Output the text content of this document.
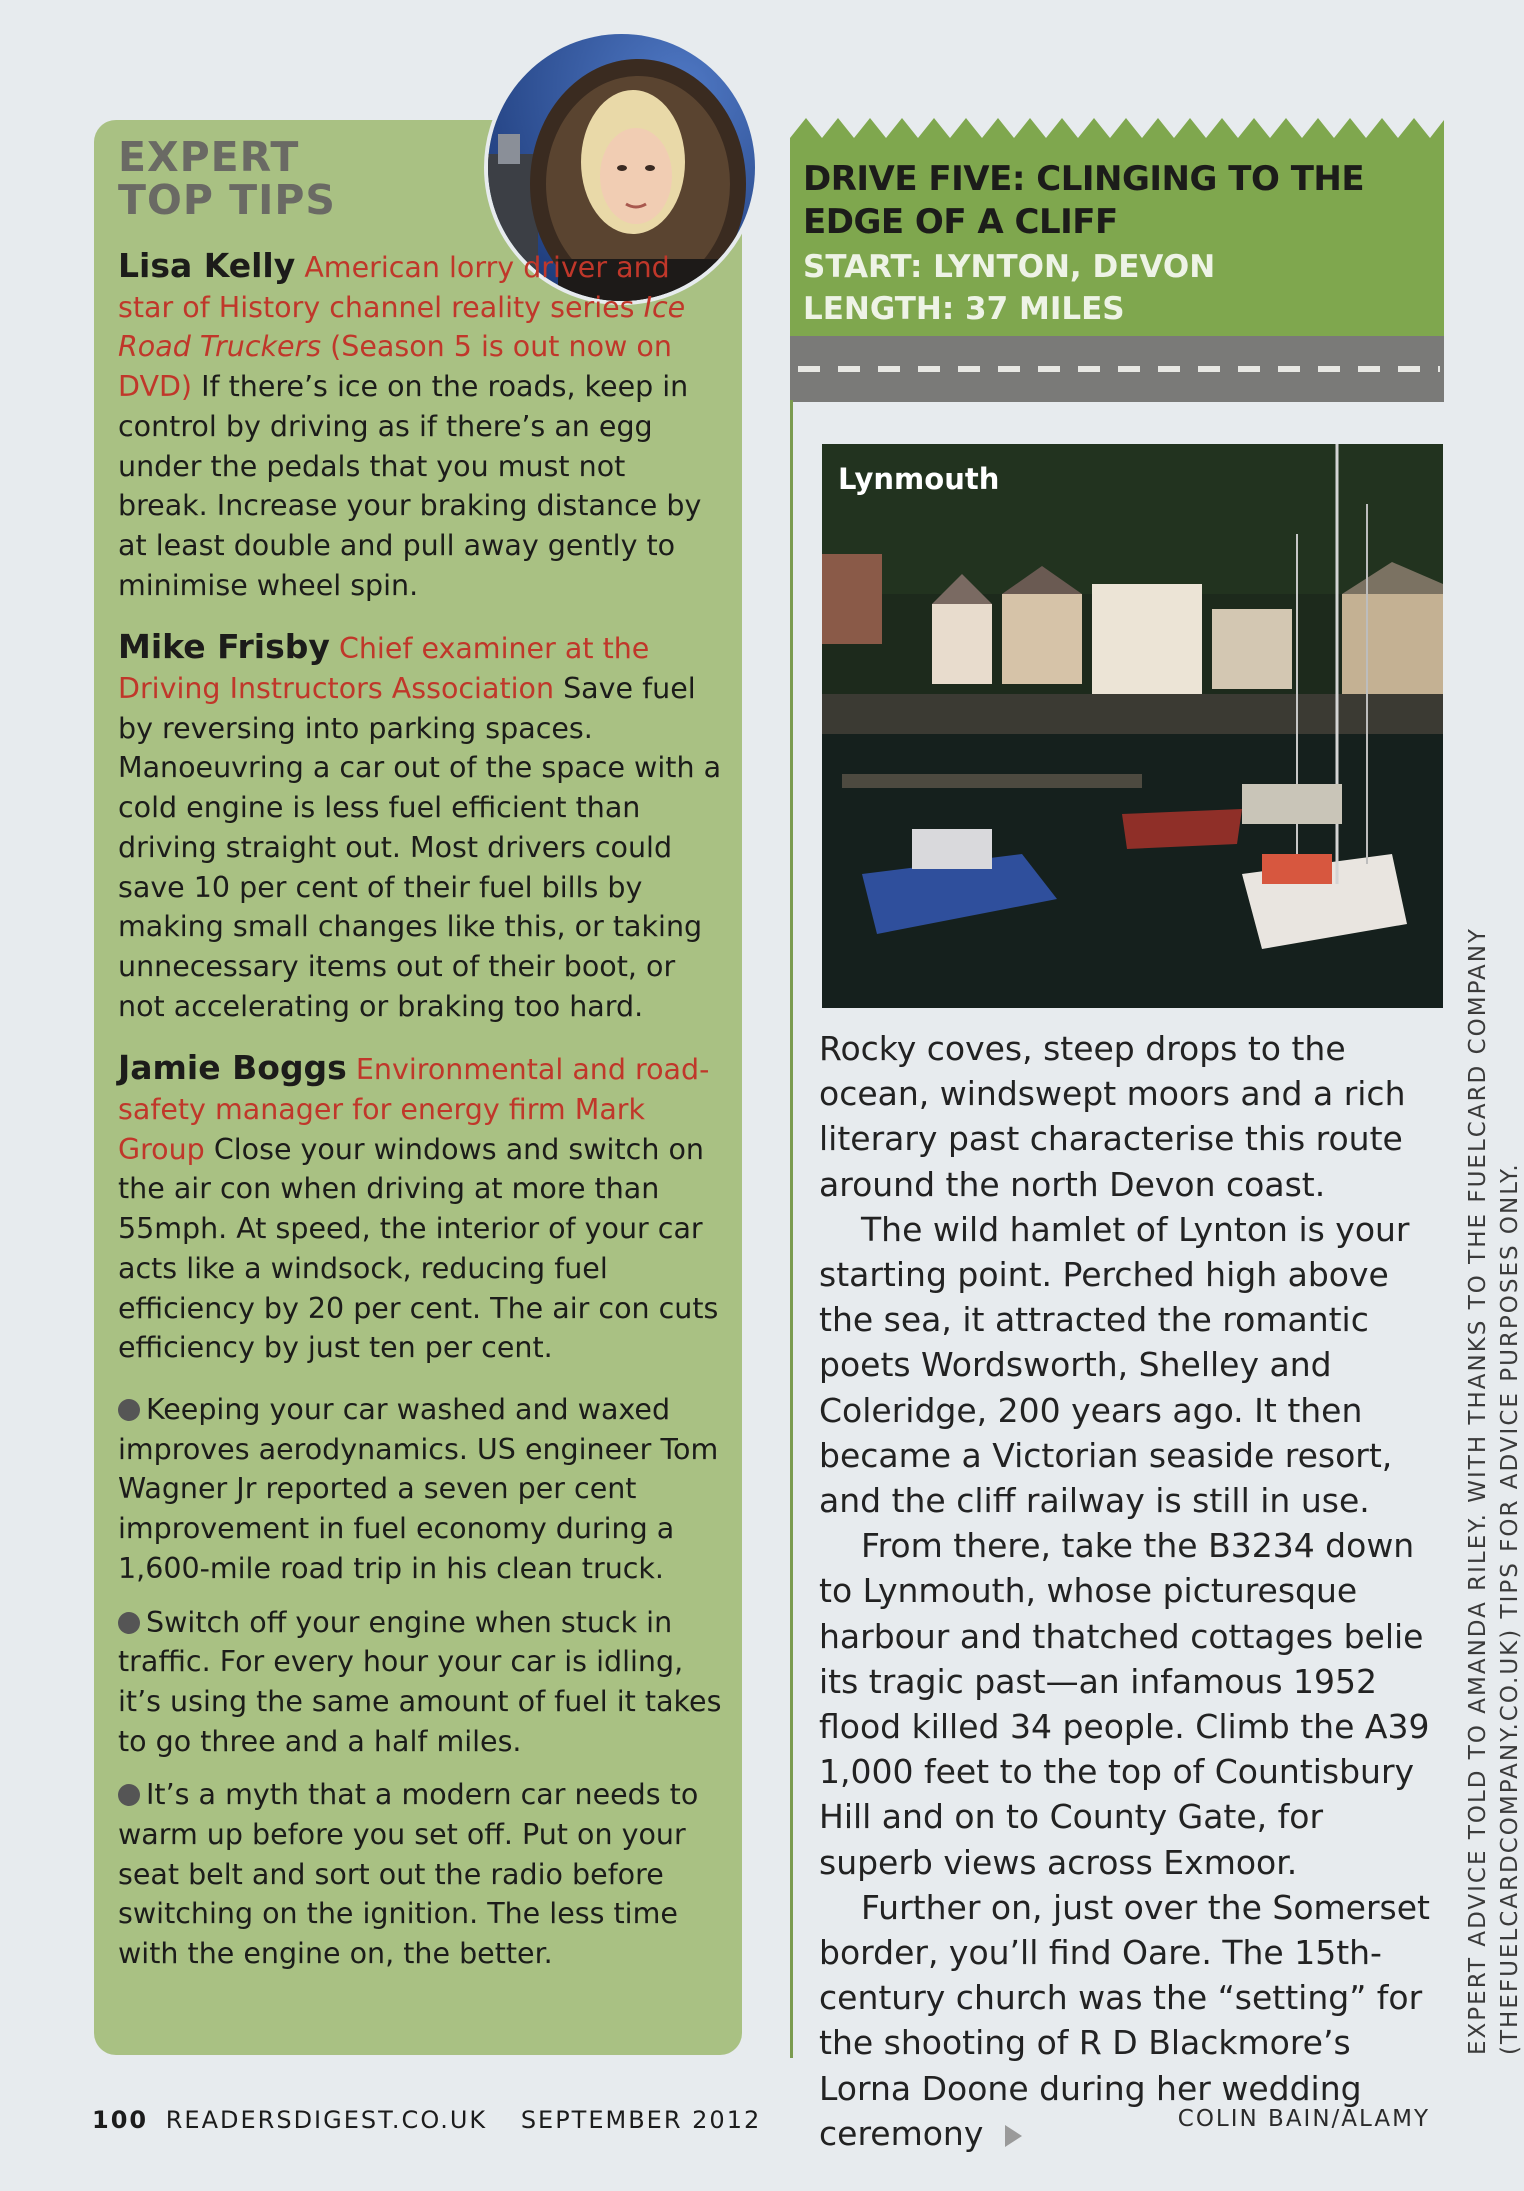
EXPERT
TOP TIPS
Lisa Kelly American lorry driver and star of History channel reality series Ice Road Truckers (Season 5 is out now on DVD) If there’s ice on the roads, keep in control by driving as if there’s an egg under the pedals that you must not break. Increase your braking distance by at least double and pull away gently to minimise wheel spin.
Mike Frisby Chief examiner at the Driving Instructors Association Save fuel by reversing into parking spaces. Manoeuvring a car out of the space with a cold engine is less fuel efficient than driving straight out. Most drivers could save 10 per cent of their fuel bills by making small changes like this, or taking unnecessary items out of their boot, or not accelerating or braking too hard.
Jamie Boggs Environmental and road-safety manager for energy firm Mark Group Close your windows and switch on the air con when driving at more than 55mph. At speed, the interior of your car acts like a windsock, reducing fuel efficiency by 20 per cent. The air con cuts efficiency by just ten per cent.
Keeping your car washed and waxed improves aerodynamics. US engineer Tom Wagner Jr reported a seven per cent improvement in fuel economy during a 1,600-mile road trip in his clean truck.
Switch off your engine when stuck in traffic. For every hour your car is idling, it’s using the same amount of fuel it takes to go three and a half miles.
It’s a myth that a modern car needs to warm up before you set off. Put on your seat belt and sort out the radio before switching on the ignition. The less time with the engine on, the better.
DRIVE FIVE: CLINGING TO THE EDGE OF A CLIFF
START: LYNTON, DEVON
LENGTH: 37 MILES
Lynmouth

Rocky coves, steep drops to the ocean, windswept moors and a rich literary past characterise this route around the north Devon coast.

The wild hamlet of Lynton is your starting point. Perched high above the sea, it attracted the romantic poets Wordsworth, Shelley and Coleridge, 200 years ago. It then became a Victorian seaside resort, and the cliff railway is still in use.

From there, take the B3234 down to Lynmouth, whose picturesque harbour and thatched cottages belie its tragic past—an infamous 1952 flood killed 34 people. Climb the A39 1,000 feet to the top of Countisbury Hill and on to County Gate, for superb views across Exmoor.

Further on, just over the Somerset border, you’ll find Oare. The 15th-century church was the “setting” for the shooting of R D Blackmore’s Lorna Doone during her wedding ceremony

EXPERT ADVICE TOLD TO AMANDA RILEY. WITH THANKS TO THE FUELCARD COMPANY (THEFUELCARDCOMPANY.CO.UK) TIPS FOR ADVICE PURPOSES ONLY.
100 READERSDIGEST.CO.UK SEPTEMBER 2012	COLIN BAIN/ALAMY
